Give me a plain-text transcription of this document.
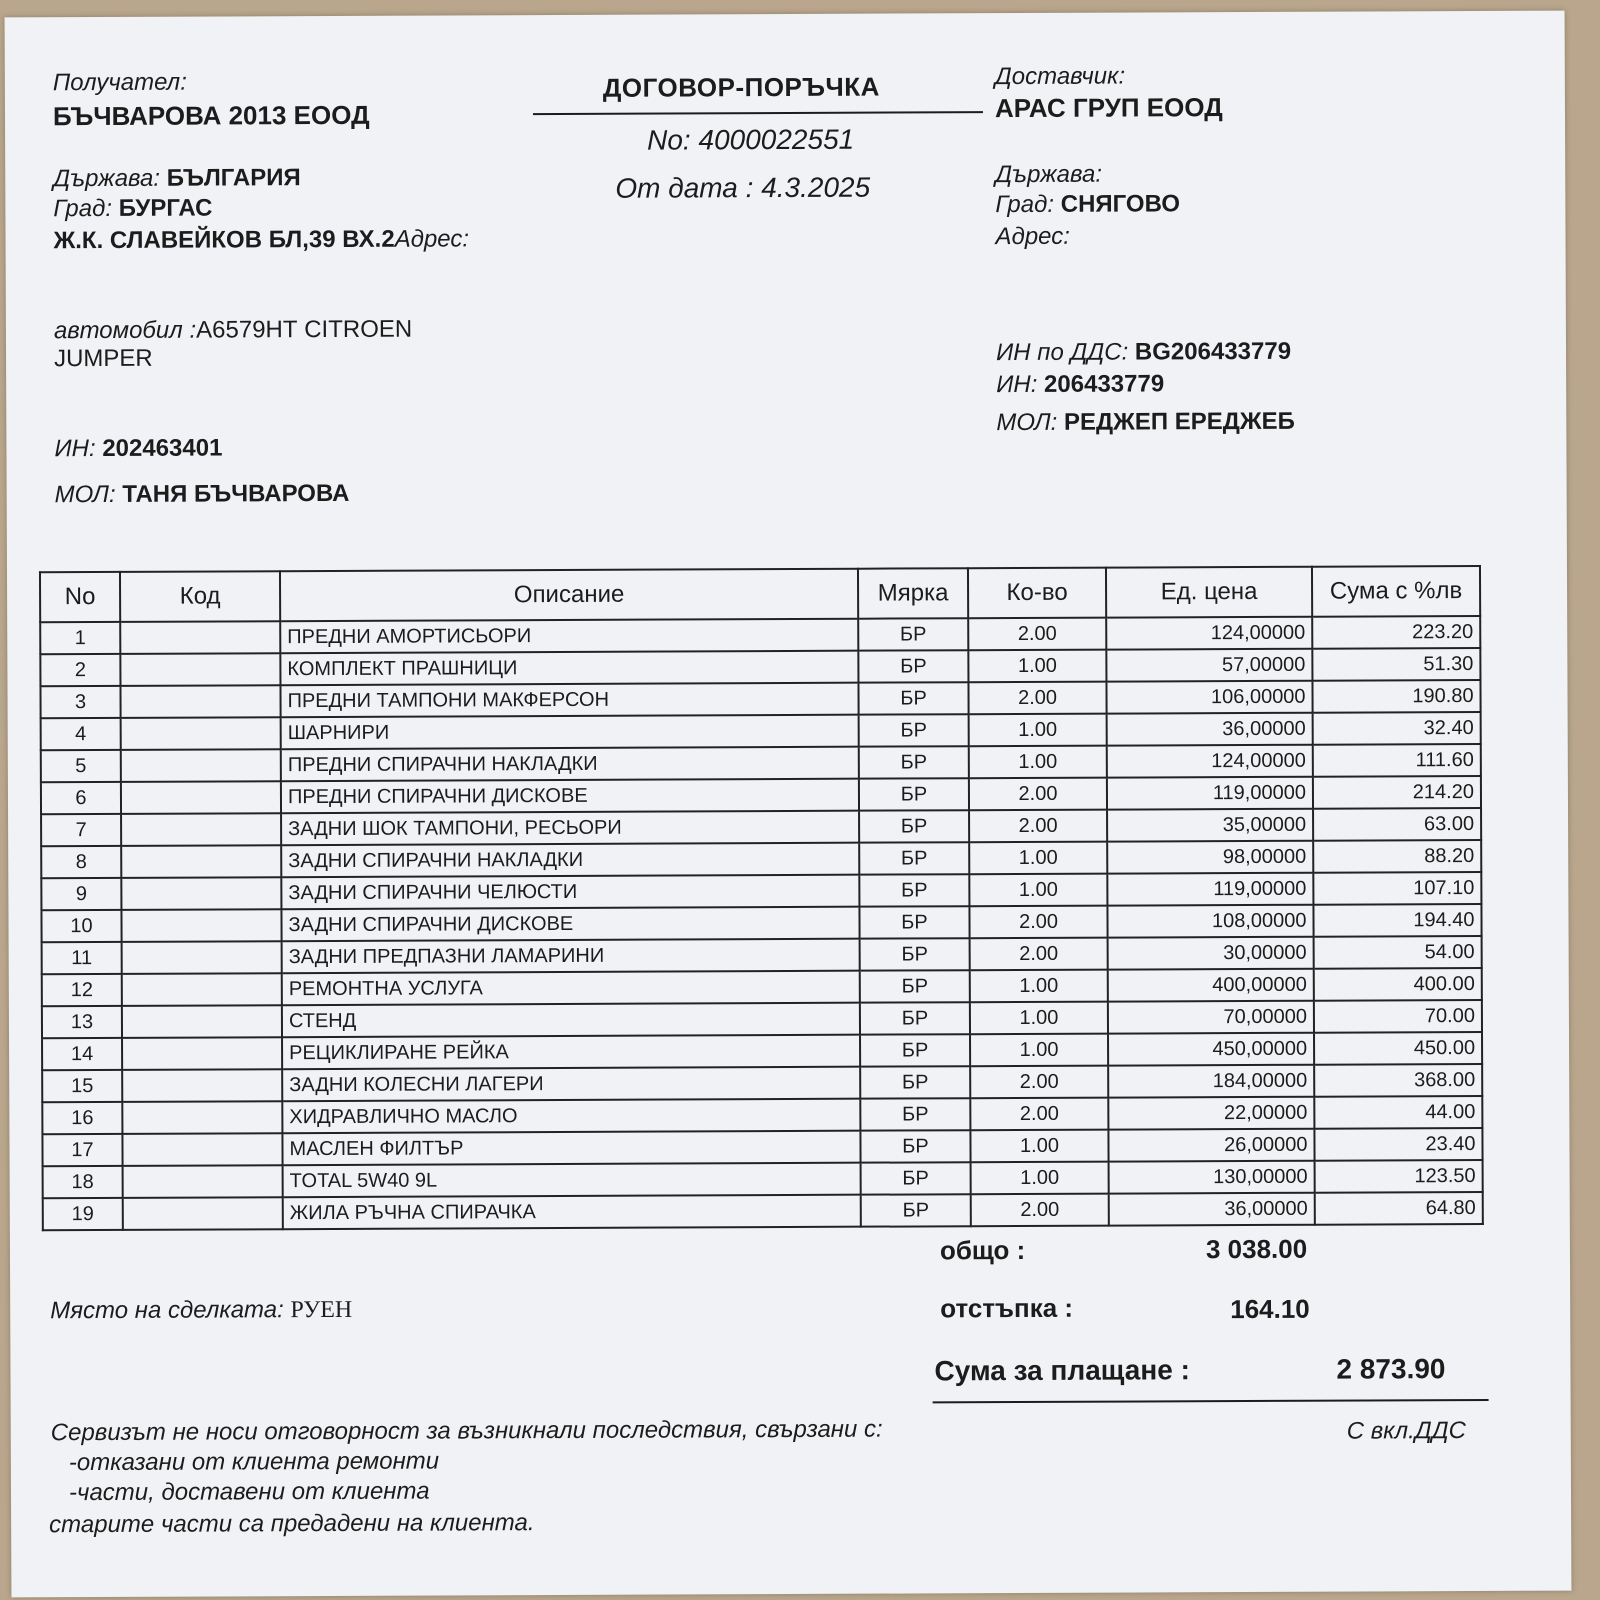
Получател:
БЪЧВАРОВА 2013 ЕООД
Държава: БЪЛГАРИЯ
Град: БУРГАС
Ж.К. СЛАВЕЙКОВ БЛ,39 ВХ.2Адрес:
автомобил :А6579НТ CITROEN
JUMPER
ИН: 202463401
МОЛ: ТАНЯ БЪЧВАРОВА
ДОГОВОР-ПОРЪЧКА
No: 4000022551
От дата : 4.3.2025
Доставчик:
АРАС ГРУП ЕООД
Държава:
Град: СНЯГОВО
Адрес:
ИН по ДДС: BG206433779
ИН: 206433779
МОЛ: РЕДЖЕП ЕРЕДЖЕБ
No	Код	Описание	Мярка	Ко-во	Ед. цена	Сума с %лв
1		ПРЕДНИ АМОРТИСЬОРИ	БР	2.00	124,00000	223.20
2		КОМПЛЕКТ ПРАШНИЦИ	БР	1.00	57,00000	51.30
3		ПРЕДНИ ТАМПОНИ МАКФЕРСОН	БР	2.00	106,00000	190.80
4		ШАРНИРИ	БР	1.00	36,00000	32.40
5		ПРЕДНИ СПИРАЧНИ НАКЛАДКИ	БР	1.00	124,00000	111.60
6		ПРЕДНИ СПИРАЧНИ ДИСКОВЕ	БР	2.00	119,00000	214.20
7		ЗАДНИ ШОК ТАМПОНИ, РЕСЬОРИ	БР	2.00	35,00000	63.00
8		ЗАДНИ СПИРАЧНИ НАКЛАДКИ	БР	1.00	98,00000	88.20
9		ЗАДНИ СПИРАЧНИ ЧЕЛЮСТИ	БР	1.00	119,00000	107.10
10		ЗАДНИ СПИРАЧНИ ДИСКОВЕ	БР	2.00	108,00000	194.40
11		ЗАДНИ ПРЕДПАЗНИ ЛАМАРИНИ	БР	2.00	30,00000	54.00
12		РЕМОНТНА УСЛУГА	БР	1.00	400,00000	400.00
13		СТЕНД	БР	1.00	70,00000	70.00
14		РЕЦИКЛИРАНЕ РЕЙКА	БР	1.00	450,00000	450.00
15		ЗАДНИ КОЛЕСНИ ЛАГЕРИ	БР	2.00	184,00000	368.00
16		ХИДРАВЛИЧНО МАСЛО	БР	2.00	22,00000	44.00
17		МАСЛЕН ФИЛТЪР	БР	1.00	26,00000	23.40
18		TOTAL 5W40 9L	БР	1.00	130,00000	123.50
19		ЖИЛА РЪЧНА СПИРАЧКА	БР	2.00	36,00000	64.80
общо :	3 038.00
отстъпка :	164.10
Сума за плащане :	2 873.90
С вкл.ДДС
Място на сделката: РУЕН
Сервизът не носи отговорност за възникнали последствия, свързани с:
-отказани от клиента ремонти
-части, доставени от клиента
старите части са предадени на клиента.
